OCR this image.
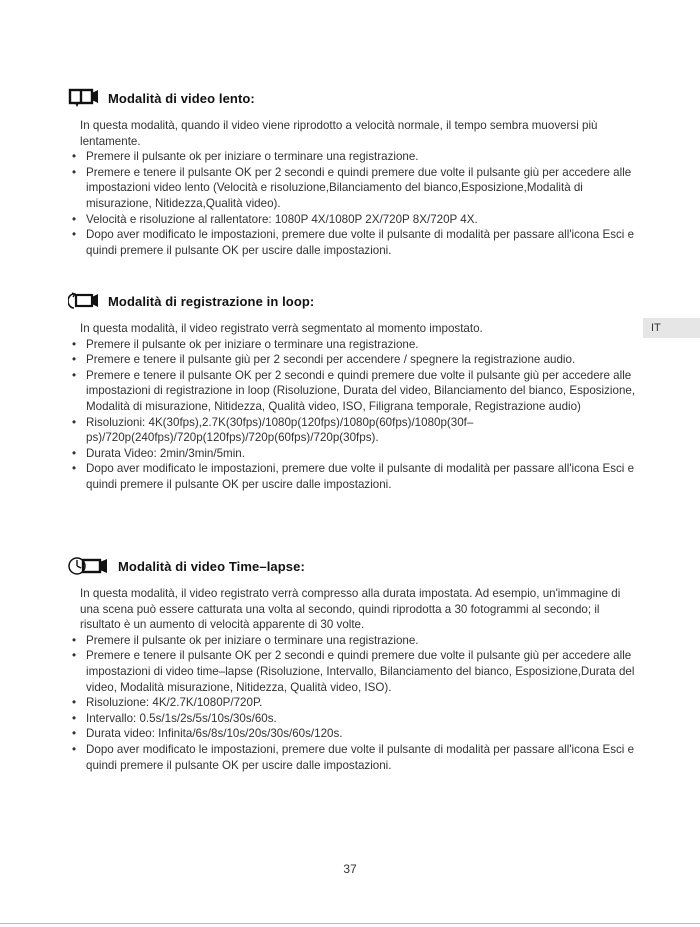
Modalità di video lento:
In questa modalità, quando il video viene riprodotto a velocità normale, il tempo sembra muoversi più lentamente.
• Premere il pulsante ok per iniziare o terminare una registrazione.
• Premere e tenere il pulsante OK per 2 secondi e quindi premere due volte il pulsante giù per accedere alle impostazioni video lento (Velocità e risoluzione,Bilanciamento del bianco,Esposizione,Modalità di misurazione, Nitidezza,Qualità video).
• Velocità e risoluzione al rallentatore: 1080P 4X/1080P 2X/720P 8X/720P 4X.
• Dopo aver modificato le impostazioni, premere due volte il pulsante di modalità per passare all'icona Esci e quindi premere il pulsante OK per uscire dalle impostazioni.
Modalità di registrazione in loop:
In questa modalità, il video registrato verrà segmentato al momento impostato.
• Premere il pulsante ok per iniziare o terminare una registrazione.
• Premere e tenere il pulsante giù per 2 secondi per accendere / spegnere la registrazione audio.
• Premere e tenere il pulsante OK per 2 secondi e quindi premere due volte il pulsante giù per accedere alle impostazioni di registrazione in loop (Risoluzione, Durata del video, Bilanciamento del bianco, Esposizione, Modalità di misurazione, Nitidezza, Qualità video, ISO, Filigrana temporale, Registrazione audio)
• Risoluzioni: 4K(30fps),2.7K(30fps)/1080p(120fps)/1080p(60fps)/1080p(30f–ps)/720p(240fps)/720p(120fps)/720p(60fps)/720p(30fps).
• Durata Video: 2min/3min/5min.
• Dopo aver modificato le impostazioni, premere due volte il pulsante di modalità per passare all'icona Esci e quindi premere il pulsante OK per uscire dalle impostazioni.
Modalità di video Time–lapse:
In questa modalità, il video registrato verrà compresso alla durata impostata. Ad esempio, un'immagine di una scena può essere catturata una volta al secondo, quindi riprodotta a 30 fotogrammi al secondo; il risultato è un aumento di velocità apparente di 30 volte.
• Premere il pulsante ok per iniziare o terminare una registrazione.
• Premere e tenere il pulsante OK per 2 secondi e quindi premere due volte il pulsante giù per accedere alle impostazioni di video time–lapse (Risoluzione, Intervallo, Bilanciamento del bianco, Esposizione,Durata del video, Modalità misurazione, Nitidezza, Qualità video, ISO).
• Risoluzione: 4K/2.7K/1080P/720P.
• Intervallo: 0.5s/1s/2s/5s/10s/30s/60s.
• Durata video: Infinita/6s/8s/10s/20s/30s/60s/120s.
• Dopo aver modificato le impostazioni, premere due volte il pulsante di modalità per passare all'icona Esci e quindi premere il pulsante OK per uscire dalle impostazioni.
IT
37
